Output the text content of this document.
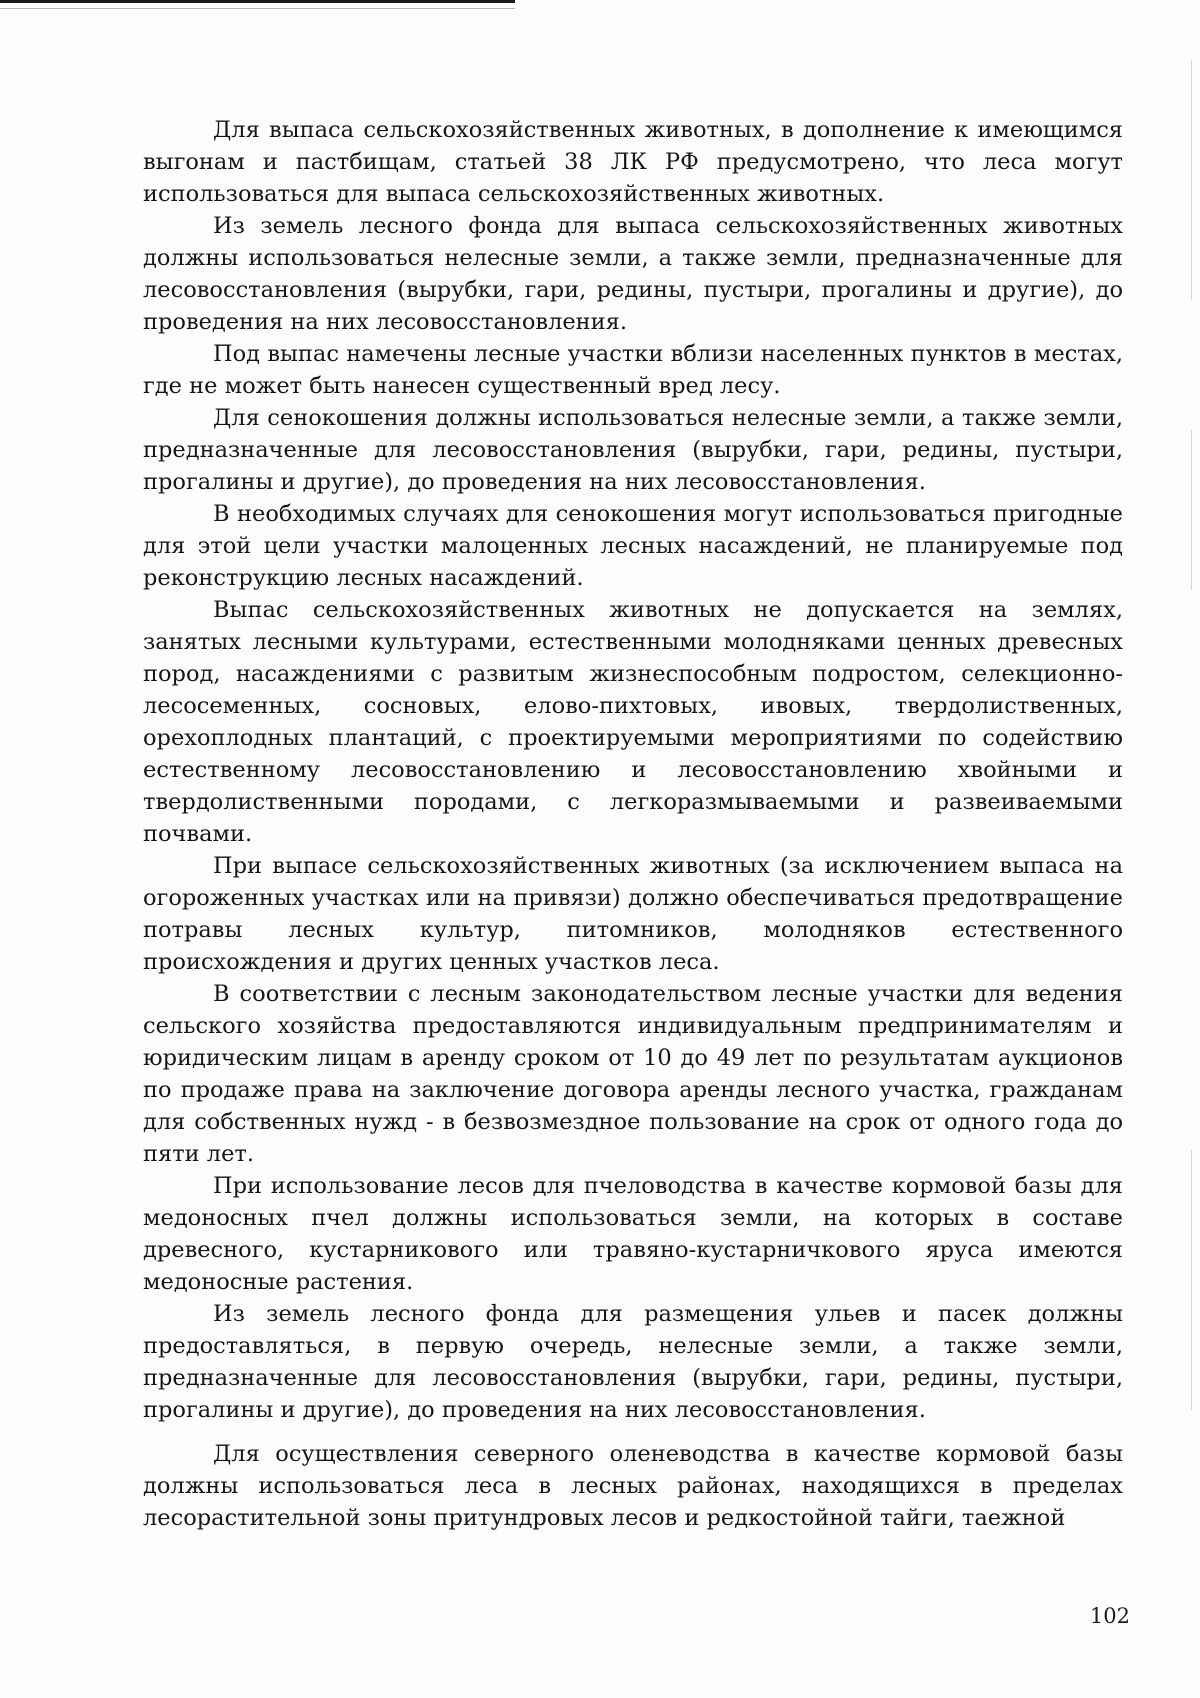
Для выпаса сельскохозяйственных животных, в дополнение к имеющимся выгонам и пастбищам, статьей 38 ЛК РФ предусмотрено, что леса могут использоваться для выпаса сельскохозяйственных животных.

Из земель лесного фонда для выпаса сельскохозяйственных животных должны использоваться нелесные земли, а также земли, предназначенные для лесовосстановления (вырубки, гари, редины, пустыри, прогалины и другие), до проведения на них лесовосстановления.

Под выпас намечены лесные участки вблизи населенных пунктов в местах, где не может быть нанесен существенный вред лесу.

Для сенокошения должны использоваться нелесные земли, а также земли, предназначенные для лесовосстановления (вырубки, гари, редины, пустыри, прогалины и другие), до проведения на них лесовосстановления.

В необходимых случаях для сенокошения могут использоваться пригодные для этой цели участки малоценных лесных насаждений, не планируемые под реконструкцию лесных насаждений.

Выпас сельскохозяйственных животных не допускается на землях, занятых лесными культурами, естественными молодняками ценных древесных пород, насаждениями с развитым жизнеспособным подростом, селекционно-лесосеменных, сосновых, елово-пихтовых, ивовых, твердолиственных, орехоплодных плантаций, с проектируемыми мероприятиями по содействию естественному лесовосстановлению и лесовосстановлению хвойными и твердолиственными породами, с легкоразмываемыми и развеиваемыми почвами.

При выпасе сельскохозяйственных животных (за исключением выпаса на огороженных участках или на привязи) должно обеспечиваться предотвращение потравы лесных культур, питомников, молодняков естественного происхождения и других ценных участков леса.

В соответствии с лесным законодательством лесные участки для ведения сельского хозяйства предоставляются индивидуальным предпринимателям и юридическим лицам в аренду сроком от 10 до 49 лет по результатам аукционов по продаже права на заключение договора аренды лесного участка, гражданам для собственных нужд - в безвозмездное пользование на срок от одного года до пяти лет.

При использование лесов для пчеловодства в качестве кормовой базы для медоносных пчел должны использоваться земли, на которых в составе древесного, кустарникового или травяно-кустарничкового яруса имеются медоносные растения.

Из земель лесного фонда для размещения ульев и пасек должны предоставляться, в первую очередь, нелесные земли, а также земли, предназначенные для лесовосстановления (вырубки, гари, редины, пустыри, прогалины и другие), до проведения на них лесовосстановления.

Для осуществления северного оленеводства в качестве кормовой базы должны использоваться леса в лесных районах, находящихся в пределах лесорастительной зоны притундровых лесов и редкостойной тайги, таежной

102
